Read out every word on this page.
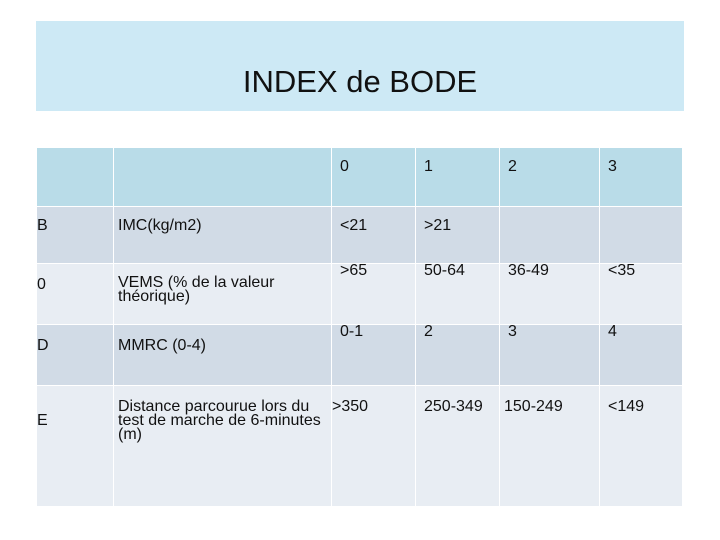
INDEX de BODE
		0	1	2	3
B	IMC(kg/m2)	<21	>21		
0	VEMS (% de la valeur théorique)	>65	50-64	36-49	<35
D	MMRC (0-4)	0-1	2	3	4
E	Distance parcourue lors du test de marche de 6-minutes (m)	>350	250-349	150-249	<149
